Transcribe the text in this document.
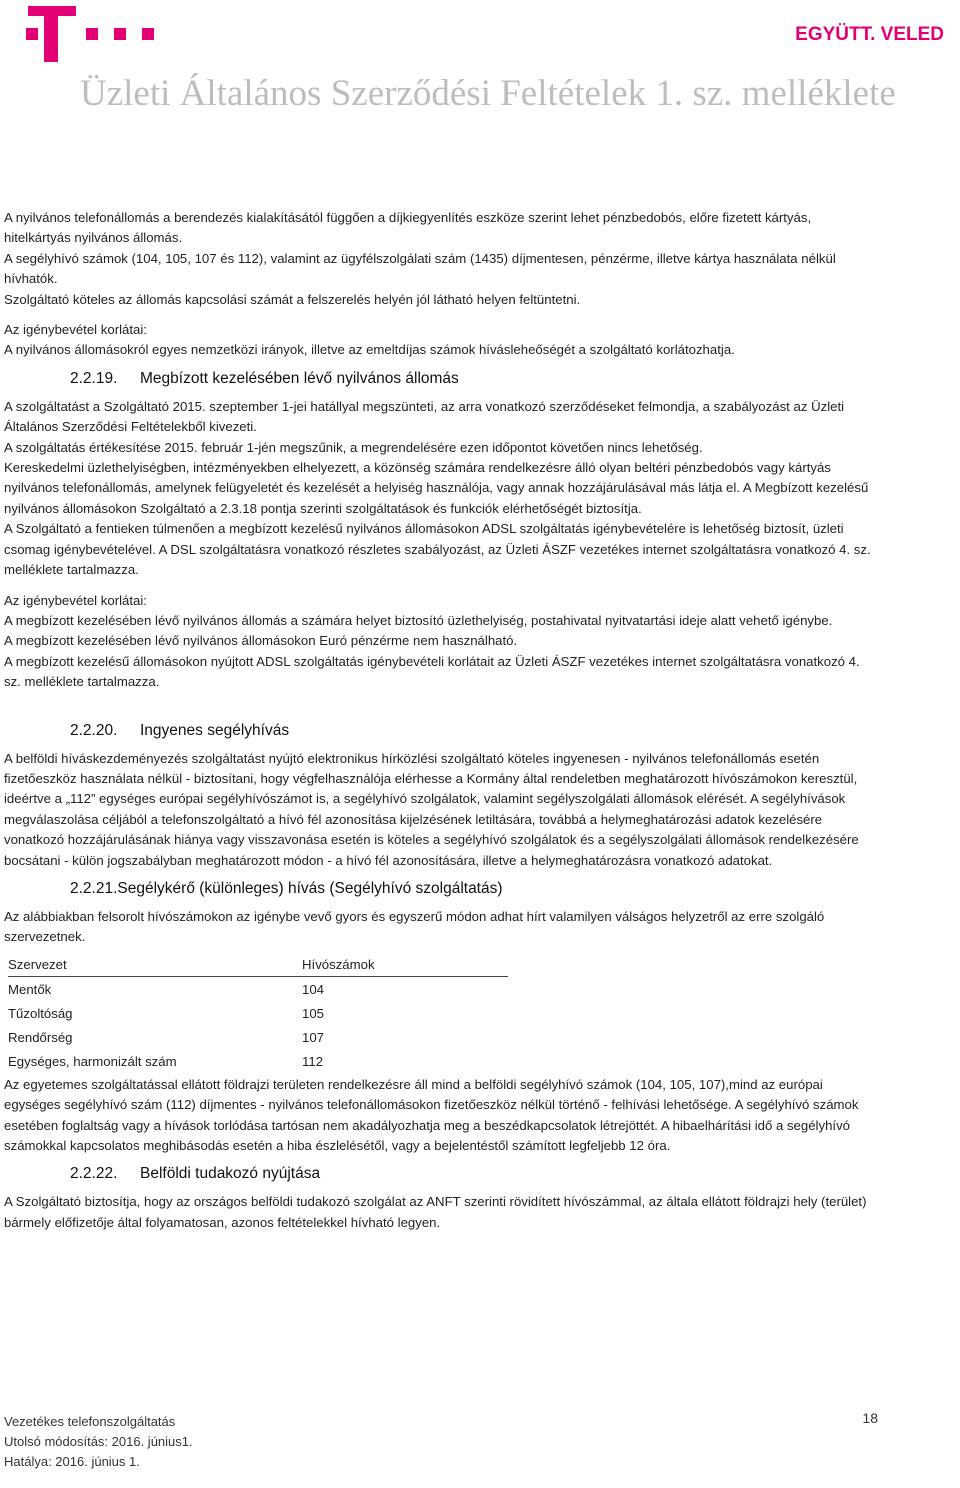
EGYÜTT. VELED
Üzleti Általános Szerződési Feltételek 1. sz. melléklete

A nyilvános telefonállomás a berendezés kialakításától függően a díjkiegyenlítés eszköze szerint lehet pénzbedobós, előre fizetett kártyás, hitelkártyás nyilvános állomás.

A segélyhívó számok (104, 105, 107 és 112), valamint az ügyfélszolgálati szám (1435) díjmentesen, pénzérme, illetve kártya használata nélkül hívhatók.

Szolgáltató köteles az állomás kapcsolási számát a felszerelés helyén jól látható helyen feltüntetni.

Az igénybevétel korlátai:

A nyilvános állomásokról egyes nemzetközi irányok, illetve az emeltdíjas számok hívásleheőségét a szolgáltató korlátozhatja.

2.2.19. Megbízott kezelésében lévő nyilvános állomás

A szolgáltatást a Szolgáltató 2015. szeptember 1-jei hatállyal megszünteti, az arra vonatkozó szerződéseket felmondja, a szabályozást az Üzleti Általános Szerződési Feltételekből kivezeti.

A szolgáltatás értékesítése 2015. február 1-jén megszűnik, a megrendelésére ezen időpontot követően nincs lehetőség.

Kereskedelmi üzlethelyiségben, intézményekben elhelyezett, a közönség számára rendelkezésre álló olyan beltéri pénzbedobós vagy kártyás nyilvános telefonállomás, amelynek felügyeletét és kezelését a helyiség használója, vagy annak hozzájárulásával más látja el. A Megbízott kezelésű nyilvános állomásokon Szolgáltató a 2.3.18 pontja szerinti szolgáltatások és funkciók elérhetőségét biztosítja.

A Szolgáltató a fentieken túlmenően a megbízott kezelésű nyilvános állomásokon ADSL szolgáltatás igénybevételére is lehetőség biztosít, üzleti csomag igénybevételével. A DSL szolgáltatásra vonatkozó részletes szabályozást, az Üzleti ÁSZF vezetékes internet szolgáltatásra vonatkozó 4. sz. melléklete tartalmazza.

Az igénybevétel korlátai:

A megbízott kezelésében lévő nyilvános állomás a számára helyet biztosító üzlethelyiség, postahivatal nyitvatartási ideje alatt vehető igénybe.

A megbízott kezelésében lévő nyilvános állomásokon Euró pénzérme nem használható.

A megbízott kezelésű állomásokon nyújtott ADSL szolgáltatás igénybevételi korlátait az Üzleti ÁSZF vezetékes internet szolgáltatásra vonatkozó 4. sz. melléklete tartalmazza.

2.2.20. Ingyenes segélyhívás

A belföldi híváskezdeményezés szolgáltatást nyújtó elektronikus hírközlési szolgáltató köteles ingyenesen - nyilvános telefonállomás esetén fizetőeszköz használata nélkül - biztosítani, hogy végfelhasználója elérhesse a Kormány által rendeletben meghatározott hívószámokon keresztül, ideértve a „112” egységes európai segélyhívószámot is, a segélyhívó szolgálatok, valamint segélyszolgálati állomások elérését. A segélyhívások megválaszolása céljából a telefonszolgáltató a hívó fél azonosítása kijelzésének letiltására, továbbá a helymeghatározási adatok kezelésére vonatkozó hozzájárulásának hiánya vagy visszavonása esetén is köteles a segélyhívó szolgálatok és a segélyszolgálati állomások rendelkezésére bocsátani - külön jogszabályban meghatározott módon - a hívó fél azonosítására, illetve a helymeghatározásra vonatkozó adatokat.

2.2.21.Segélykérő (különleges) hívás (Segélyhívó szolgáltatás)

Az alábbiakban felsorolt hívószámokon az igénybe vevő gyors és egyszerű módon adhat hírt valamilyen válságos helyzetről az erre szolgáló szervezetnek.

Szervezet	Hívószámok
Mentők	104
Tűzoltóság	105
Rendőrség	107
Egységes, harmonizált szám	112

Az egyetemes szolgáltatással ellátott földrajzi területen rendelkezésre áll mind a belföldi segélyhívó számok (104, 105, 107),mind az európai egységes segélyhívó szám (112) díjmentes - nyilvános telefonállomásokon fizetőeszköz nélkül történő - felhívási lehetősége. A segélyhívó számok esetében foglaltság vagy a hívások torlódása tartósan nem akadályozhatja meg a beszédkapcsolatok létrejöttét. A hibaelhárítási idő a segélyhívó számokkal kapcsolatos meghibásodás esetén a hiba észlelésétől, vagy a bejelentéstől számított legfeljebb 12 óra.

2.2.22. Belföldi tudakozó nyújtása

A Szolgáltató biztosítja, hogy az országos belföldi tudakozó szolgálat az ANFT szerinti rövidített hívószámmal, az általa ellátott földrajzi hely (terület) bármely előfizetője által folyamatosan, azonos feltételekkel hívható legyen.

18
Vezetékes telefonszolgáltatás
Utolsó módosítás: 2016. június1.
Hatálya: 2016. június 1.
